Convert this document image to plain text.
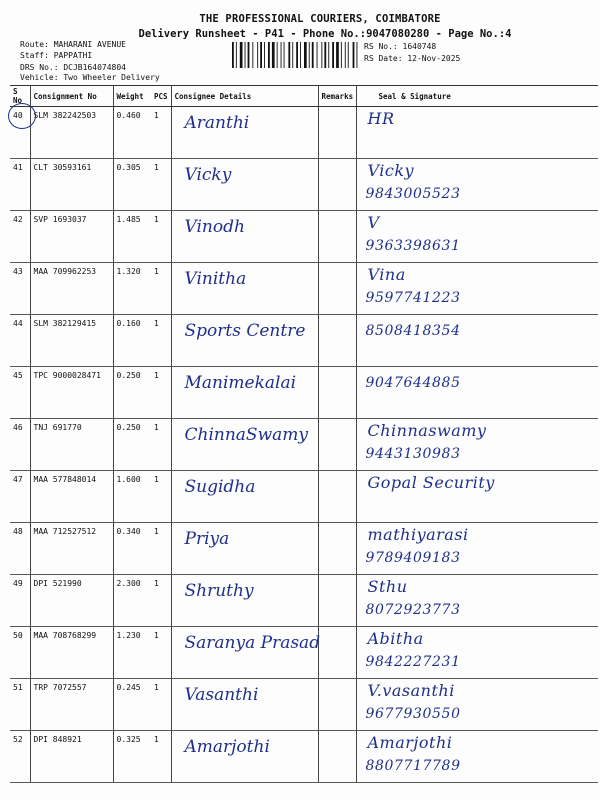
THE PROFESSIONAL COURIERS, COIMBATORE
Delivery Runsheet - P41 - Phone No.:9047080280 - Page No.:4
Route: MAHARANI AVENUE
Staff: PAPPATHI
DRS No.: DCJB164074804
Vehicle: Two Wheeler Delivery
RS No.: 1640748
RS Date: 12-Nov-2025
S No	Consignment No	Weight	PCS	Consignee Details	Remarks	Seal & Signature

40	SLM 382242503	0.460	1	Aranthi		HR

41	CLT 30593161	0.305	1	Vicky		Vicky
9843005523

42	SVP 1693037	1.485	1	Vinodh		V
9363398631

43	MAA 709962253	1.320	1	Vinitha		Vina
9597741223

44	SLM 382129415	0.160	1	Sports Centre		8508418354

45	TPC 9000028471	0.250	1	Manimekalai		9047644885

46	TNJ 691770	0.250	1	ChinnaSwamy		Chinnaswamy
9443130983

47	MAA 577848014	1.600	1	Sugidha		Gopal Security

48	MAA 712527512	0.340	1	Priya		mathiyarasi
9789409183

49	DPI 521990	2.300	1	Shruthy		Sthu
8072923773

50	MAA 708768299	1.230	1	Saranya Prasad		Abitha
9842227231

51	TRP 7072557	0.245	1	Vasanthi		V.vasanthi
9677930550

52	DPI 848921	0.325	1	Amarjothi		Amarjothi
8807717789
